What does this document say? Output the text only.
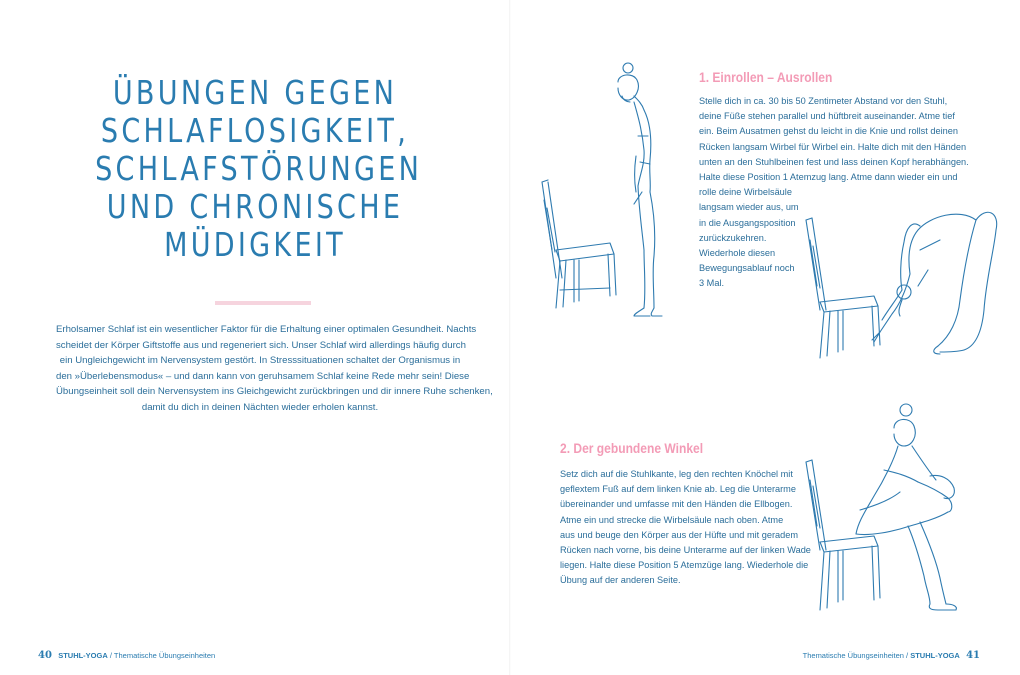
ÜBUNGEN GEGEN
SCHLAFLOSIGKEIT,
SCHLAFSTÖRUNGEN
UND CHRONISCHE
MÜDIGKEIT
Erholsamer Schlaf ist ein wesentlicher Faktor für die Erhaltung einer optimalen Gesundheit. Nachts
scheidet der Körper Giftstoffe aus und regeneriert sich. Unser Schlaf wird allerdings häufig durch
ein Ungleichgewicht im Nervensystem gestört. In Stresssituationen schaltet der Organismus in
den »Überlebensmodus« – und dann kann von geruhsamem Schlaf keine Rede mehr sein! Diese
Übungseinheit soll dein Nervensystem ins Gleichgewicht zurückbringen und dir innere Ruhe schenken,
damit du dich in deinen Nächten wieder erholen kannst.
40 STUHL-YOGA / Thematische Übungseinheiten
1. Einrollen – Ausrollen
Stelle dich in ca. 30 bis 50 Zentimeter Abstand vor den Stuhl,
deine Füße stehen parallel und hüftbreit auseinander. Atme tief
ein. Beim Ausatmen gehst du leicht in die Knie und rollst deinen
Rücken langsam Wirbel für Wirbel ein. Halte dich mit den Händen
unten an den Stuhlbeinen fest und lass deinen Kopf herabhängen.
Halte diese Position 1 Atemzug lang. Atme dann wieder ein und
rolle deine Wirbelsäule
langsam wieder aus, um
in die Ausgangsposition
zurückzukehren.
Wiederhole diesen
Bewegungsablauf noch
3 Mal.
2. Der gebundene Winkel
Setz dich auf die Stuhlkante, leg den rechten Knöchel mit
geflextem Fuß auf dem linken Knie ab. Leg die Unterarme
übereinander und umfasse mit den Händen die Ellbogen.
Atme ein und strecke die Wirbelsäule nach oben. Atme
aus und beuge den Körper aus der Hüfte und mit geradem
Rücken nach vorne, bis deine Unterarme auf der linken Wade
liegen. Halte diese Position 5 Atemzüge lang. Wiederhole die
Übung auf der anderen Seite.
Thematische Übungseinheiten / STUHL-YOGA 41
